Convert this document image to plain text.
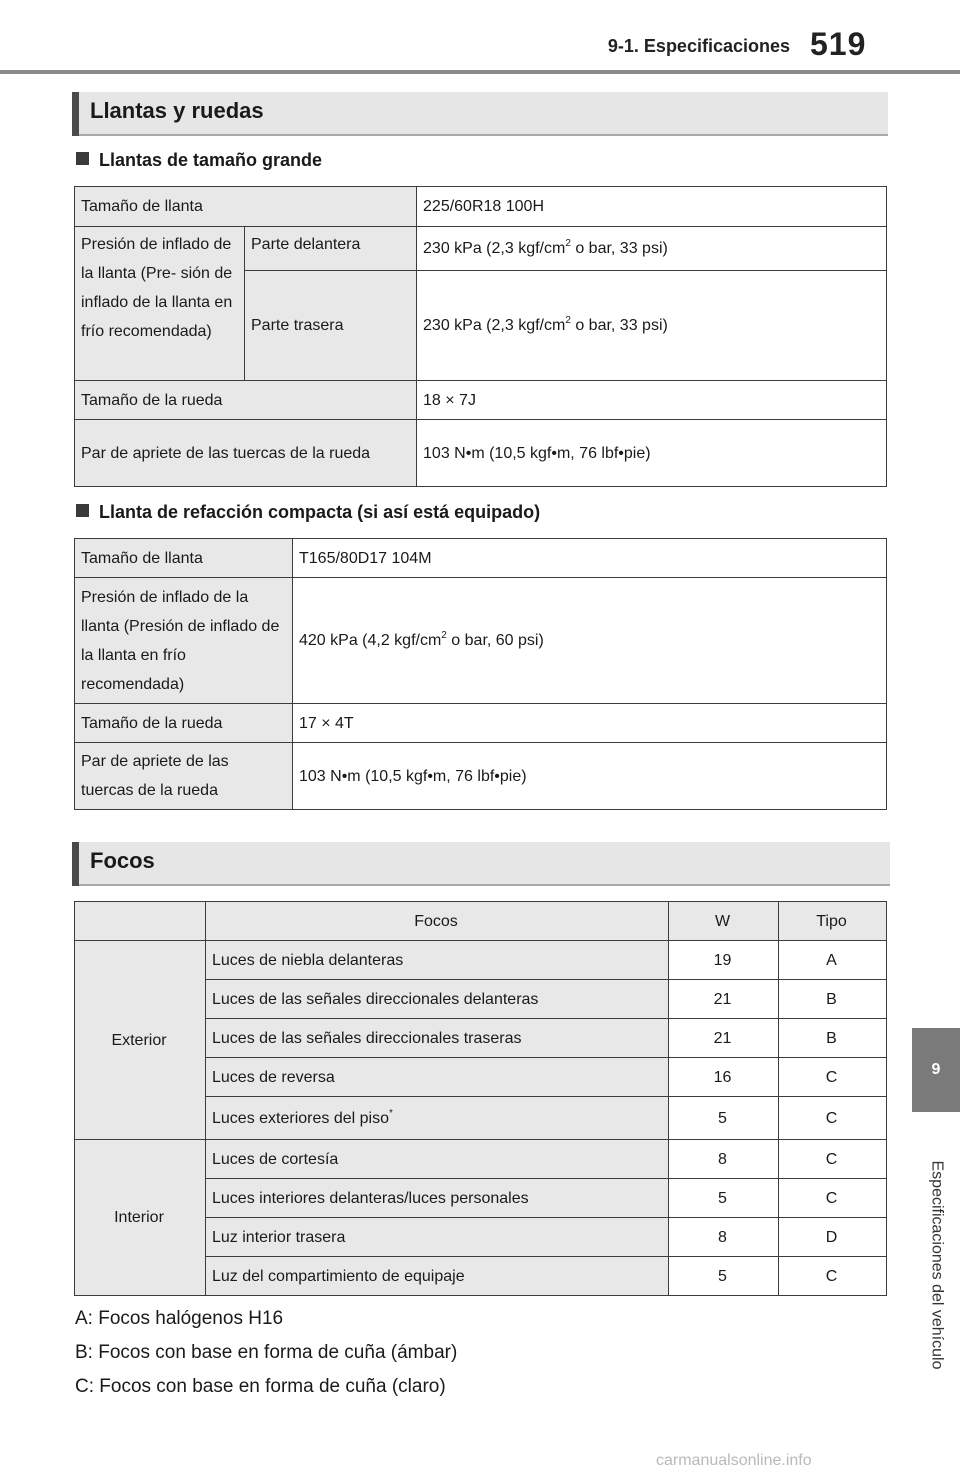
9-1. Especificaciones 519
9
Especificaciones del vehículo
Llantas y ruedas
Llantas de tamaño grande
Tamaño de llanta		225/60R18 100H
Presión de inflado de la llanta (Pre- sión de inflado de la llanta en frío recomendada)	Parte delantera	230 kPa (2,3 kgf/$cm^2$ o bar, 33 psi)
	Parte trasera	230 kPa (2,3 kgf/$cm^2$ o bar, 33 psi)
Tamaño de la rueda		18 × 7J
Par de apriete de las tuercas de la rueda		103 N•m (10,5 kgf•m, 76 lbf•pie)
Llanta de refacción compacta (si así está equipado)
Tamaño de llanta	T165/80D17 104M
Presión de inflado de la llanta (Presión de inflado de la llanta en frío recomendada)	420 kPa (4,2 kgf/$cm^2$ o bar, 60 psi)
Tamaño de la rueda	17 × 4T
Par de apriete de las tuercas de la rueda	103 N•m (10,5 kgf•m, 76 lbf•pie)
Focos
	Focos	W	Tipo
Exterior	Luces de niebla delanteras	19	A
	Luces de las señales direccionales delanteras	21	B
	Luces de las señales direccionales traseras	21	B
	Luces de reversa	16	C
	Luces exteriores del piso*	5	C
Interior	Luces de cortesía	8	C
	Luces interiores delanteras/luces personales	5	C
	Luz interior trasera	8	D
	Luz del compartimiento de equipaje	5	C
A: Focos halógenos H16
B: Focos con base en forma de cuña (ámbar)
C: Focos con base en forma de cuña (claro)
carmanualsonline.info
